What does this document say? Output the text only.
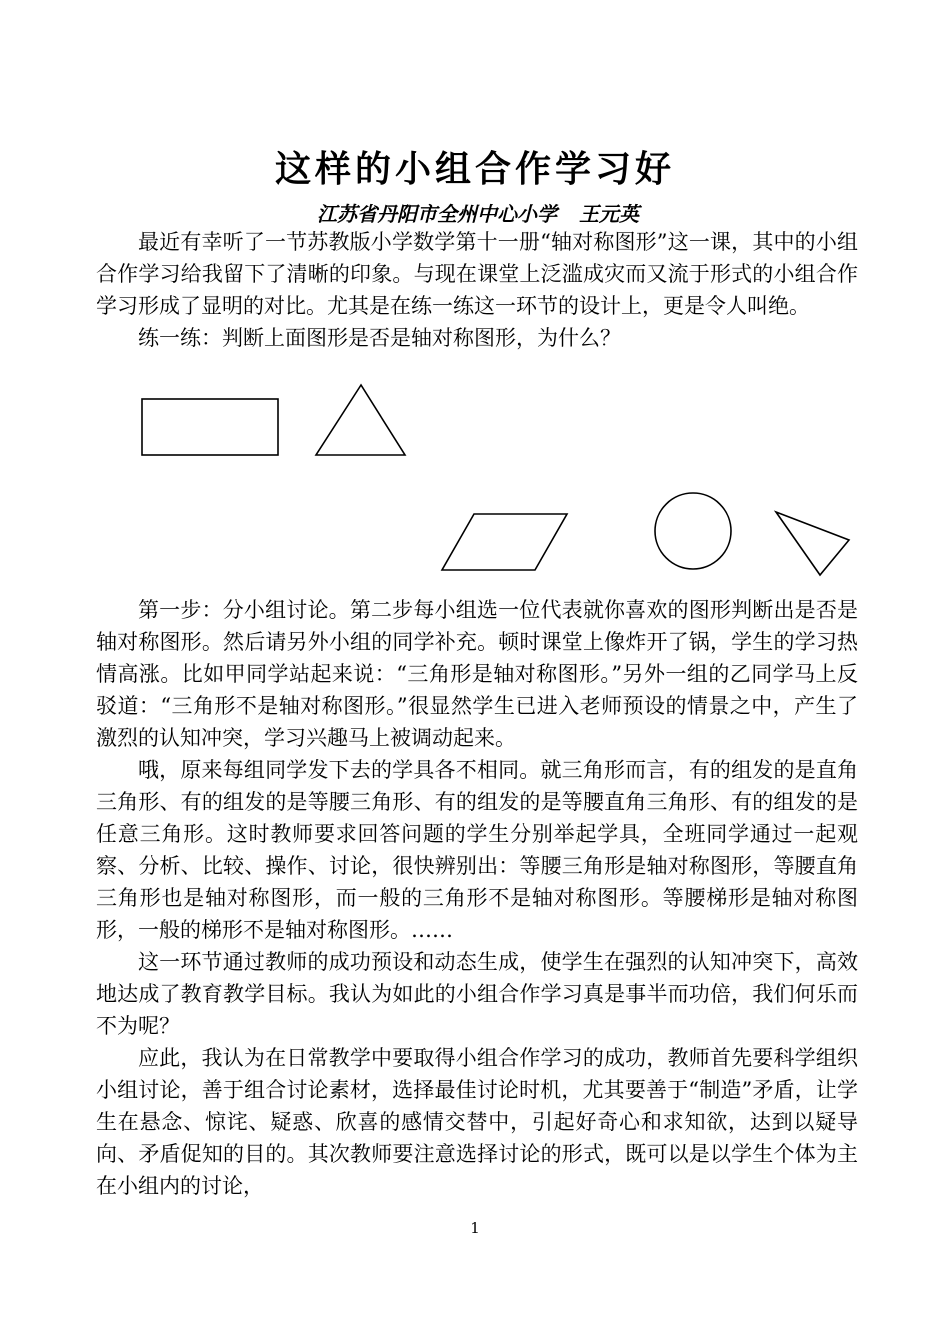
这样的小组合作学习好
江苏省丹阳市全州中心小学 王元英

最近有幸听了一节苏教版小学数学第十一册“轴对称图形”这一课，其中的小组合作学习给我留下了清晰的印象。与现在课堂上泛滥成灾而又流于形式的小组合作学习形成了显明的对比。尤其是在练一练这一环节的设计上，更是令人叫绝。

练一练：判断上面图形是否是轴对称图形，为什么？

第一步：分小组讨论。第二步每小组选一位代表就你喜欢的图形判断出是否是轴对称图形。然后请另外小组的同学补充。顿时课堂上像炸开了锅，学生的学习热情高涨。比如甲同学站起来说：“三角形是轴对称图形。”另外一组的乙同学马上反驳道：“三角形不是轴对称图形。”很显然学生已进入老师预设的情景之中，产生了激烈的认知冲突，学习兴趣马上被调动起来。

哦，原来每组同学发下去的学具各不相同。就三角形而言，有的组发的是直角三角形、有的组发的是等腰三角形、有的组发的是等腰直角三角形、有的组发的是任意三角形。这时教师要求回答问题的学生分别举起学具，全班同学通过一起观察、分析、比较、操作、讨论，很快辨别出：等腰三角形是轴对称图形，等腰直角三角形也是轴对称图形，而一般的三角形不是轴对称图形。等腰梯形是轴对称图形，一般的梯形不是轴对称图形。……

这一环节通过教师的成功预设和动态生成，使学生在强烈的认知冲突下，高效地达成了教育教学目标。我认为如此的小组合作学习真是事半而功倍，我们何乐而不为呢？

应此，我认为在日常教学中要取得小组合作学习的成功，教师首先要科学组织小组讨论，善于组合讨论素材，选择最佳讨论时机，尤其要善于“制造”矛盾，让学生在悬念、惊诧、疑惑、欣喜的感情交替中，引起好奇心和求知欲，达到以疑导向、矛盾促知的目的。其次教师要注意选择讨论的形式，既可以是以学生个体为主在小组内的讨论，

1
